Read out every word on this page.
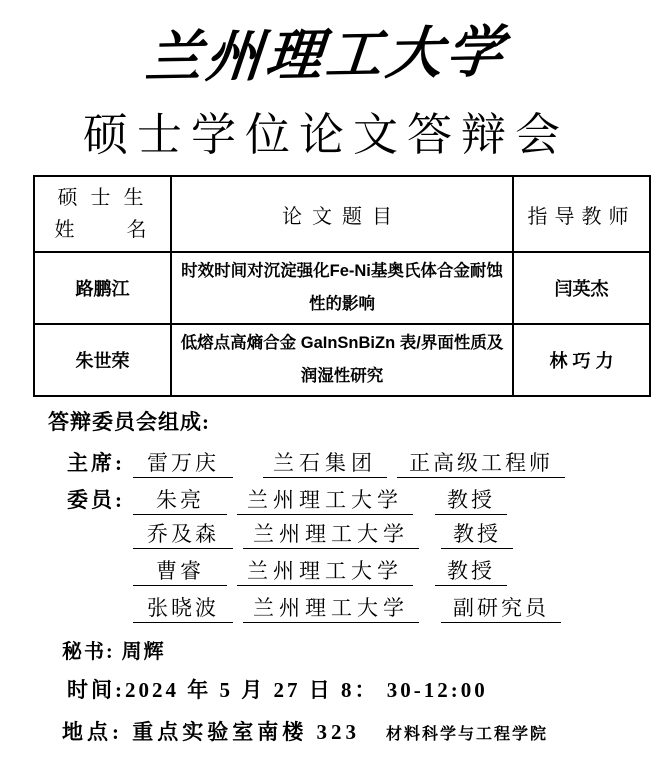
兰州理工大学
硕士学位论文答辩会
硕 士 生
姓　　名	论文题目	指导教师
路鹏江	时效时间对沉淀强化Fe-Ni基奥氏体合金耐蚀性的影响	闫英杰
朱世荣	低熔点高熵合金 GaInSnBiZn 表/界面性质及润湿性研究	林 巧 力
答辩委员会组成:
主席:	雷万庆	兰石集团	正高级工程师
委员:	朱亮	兰州理工大学	教授
乔及森	兰州理工大学	教授
曹睿	兰州理工大学	教授
张晓波	兰州理工大学	副研究员
秘书: 周辉
时间:2024 年 5 月 27 日 8： 30-12:00
地点: 重点实验室南楼 323 材料科学与工程学院
